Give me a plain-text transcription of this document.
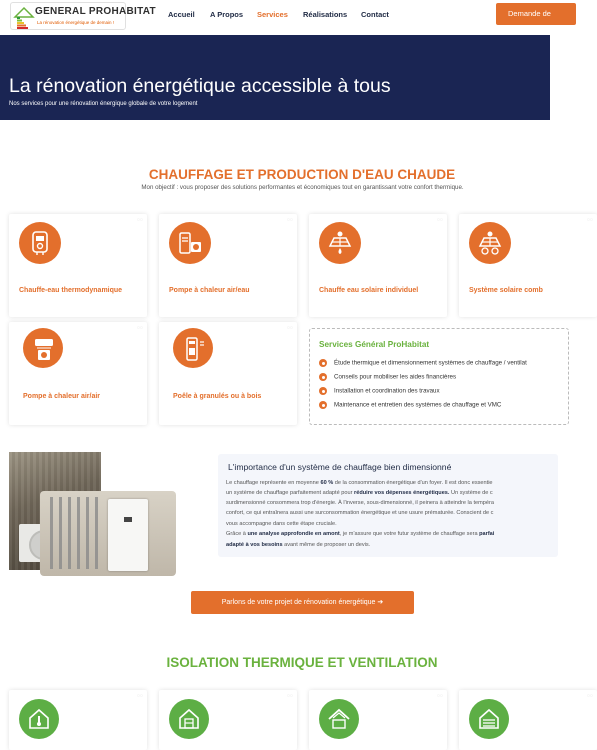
GENERAL PROHABITAT
La rénovation énergétique de demain !
Accueil A Propos Services Réalisations Contact	Demande de
La rénovation énergétique accessible à tous

Nos services pour une rénovation énergique globale de votre logement

CHAUFFAGE ET PRODUCTION D'EAU CHAUDE
Mon objectif : vous proposer des solutions performantes et économiques tout en garantissant votre confort thermique.
Chauffe-eau thermodynamique
◌◌
Pompe à chaleur air/eau
◌◌
Chauffe eau solaire individuel
◌◌
Système solaire comb
◌◌
Pompe à chaleur air/air
◌◌
Poêle à granulés ou à bois
◌◌
Services Général ProHabitat
Étude thermique et dimensionnement systèmes de chauffage / ventilat
Conseils pour mobiliser les aides financières
Installation et coordination des travaux
Maintenance et entretien des systèmes de chauffage et VMC
L'importance d'un système de chauffage bien dimensionné
Le chauffage représente en moyenne 60 % de la consommation énergétique d'un foyer. Il est donc essentie
un système de chauffage parfaitement adapté pour réduire vos dépenses énergétiques. Un système de c
surdimensionné consommera trop d'énergie. À l'inverse, sous-dimensionné, il peinera à atteindre la tempéra
confort, ce qui entraînera aussi une surconsommation énergétique et une usure prématurée. Conscient de c
vous accompagne dans cette étape cruciale.
Grâce à une analyse approfondie en amont, je m'assure que votre futur système de chauffage sera parfai
adapté à vos besoins avant même de proposer un devis.
Parlons de votre projet de rénovation énergétique ➔
ISOLATION THERMIQUE ET VENTILATION
◌◌	◌◌	◌◌	◌◌
